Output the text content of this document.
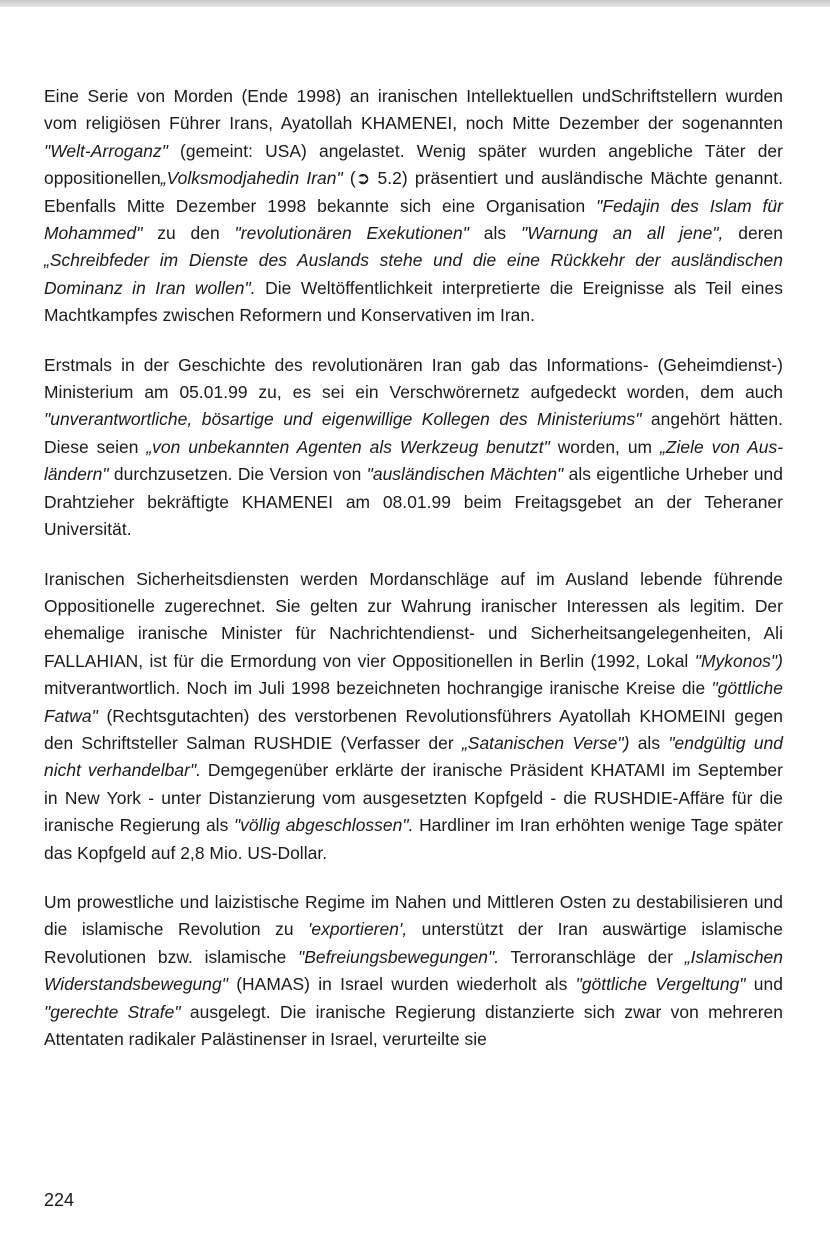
Eine Serie von Morden (Ende 1998) an iranischen Intellektuellen undSchriftstellern wurden vom religiösen Führer Irans, Ayatollah KHAMENEI, noch Mitte Dezember der sogenannten "Welt-Arroganz" (gemeint: USA) angelastet. Wenig später wurden angebliche Täter der oppositionellen„Volksmodjahedin Iran" (➲ 5.2) präsentiert und ausländische Mächte genannt. Ebenfalls Mitte Dezember 1998 bekannte sich eine Organisation "Fedajin des Islam für Mohammed" zu den "revolutionären Exekutionen" als "Warnung an all jene", deren „Schreibfeder im Dienste des Auslands stehe und die eine Rückkehr der ausländischen Dominanz in Iran wollen". Die Weltöffentlichkeit interpretierte die Ereignisse als Teil eines Machtkampfes zwischen Reformern und Konservativen im Iran.

Erstmals in der Geschichte des revolutionären Iran gab das Informations- (Geheimdienst-) Ministerium am 05.01.99 zu, es sei ein Verschwörernetz aufgedeckt worden, dem auch "unverantwortliche, bösartige und eigenwillige Kollegen des Ministeriums" angehört hätten. Diese seien „von unbekannten Agenten als Werkzeug benutzt" worden, um „Ziele von Ausländern" durchzusetzen. Die Version von "ausländischen Mächten" als eigentliche Urheber und Drahtzieher bekräftigte KHAMENEI am 08.01.99 beim Freitagsgebet an der Teheraner Universität.

Iranischen Sicherheitsdiensten werden Mordanschläge auf im Ausland lebende führende Oppositionelle zugerechnet. Sie gelten zur Wahrung iranischer Interessen als legitim. Der ehemalige iranische Minister für Nachrichtendienst- und Sicherheitsangelegenheiten, Ali FALLAHIAN, ist für die Ermordung von vier Oppositionellen in Berlin (1992, Lokal "Mykonos") mitverantwortlich. Noch im Juli 1998 bezeichneten hochrangige iranische Kreise die "göttliche Fatwa" (Rechtsgutachten) des verstorbenen Revolutionsführers Ayatollah KHOMEINI gegen den Schriftsteller Salman RUSHDIE (Verfasser der „Satanischen Verse") als "endgültig und nicht verhandelbar". Demgegenüber erklärte der iranische Präsident KHATAMI im September in New York - unter Distanzierung vom ausgesetzten Kopfgeld - die RUSHDIE-Affäre für die iranische Regierung als "völlig abgeschlossen". Hardliner im Iran erhöhten wenige Tage später das Kopfgeld auf 2,8 Mio. US-Dollar.

Um prowestliche und laizistische Regime im Nahen und Mittleren Osten zu destabilisieren und die islamische Revolution zu 'exportieren', unterstützt der Iran auswärtige islamische Revolutionen bzw. islamische "Befreiungsbewegungen". Terroranschläge der „Islamischen Widerstandsbewegung" (HAMAS) in Israel wurden wiederholt als "göttliche Vergeltung" und "gerechte Strafe" ausgelegt. Die iranische Regierung distanzierte sich zwar von mehreren Attentaten radikaler Palästinenser in Israel, verurteilte sie

224
